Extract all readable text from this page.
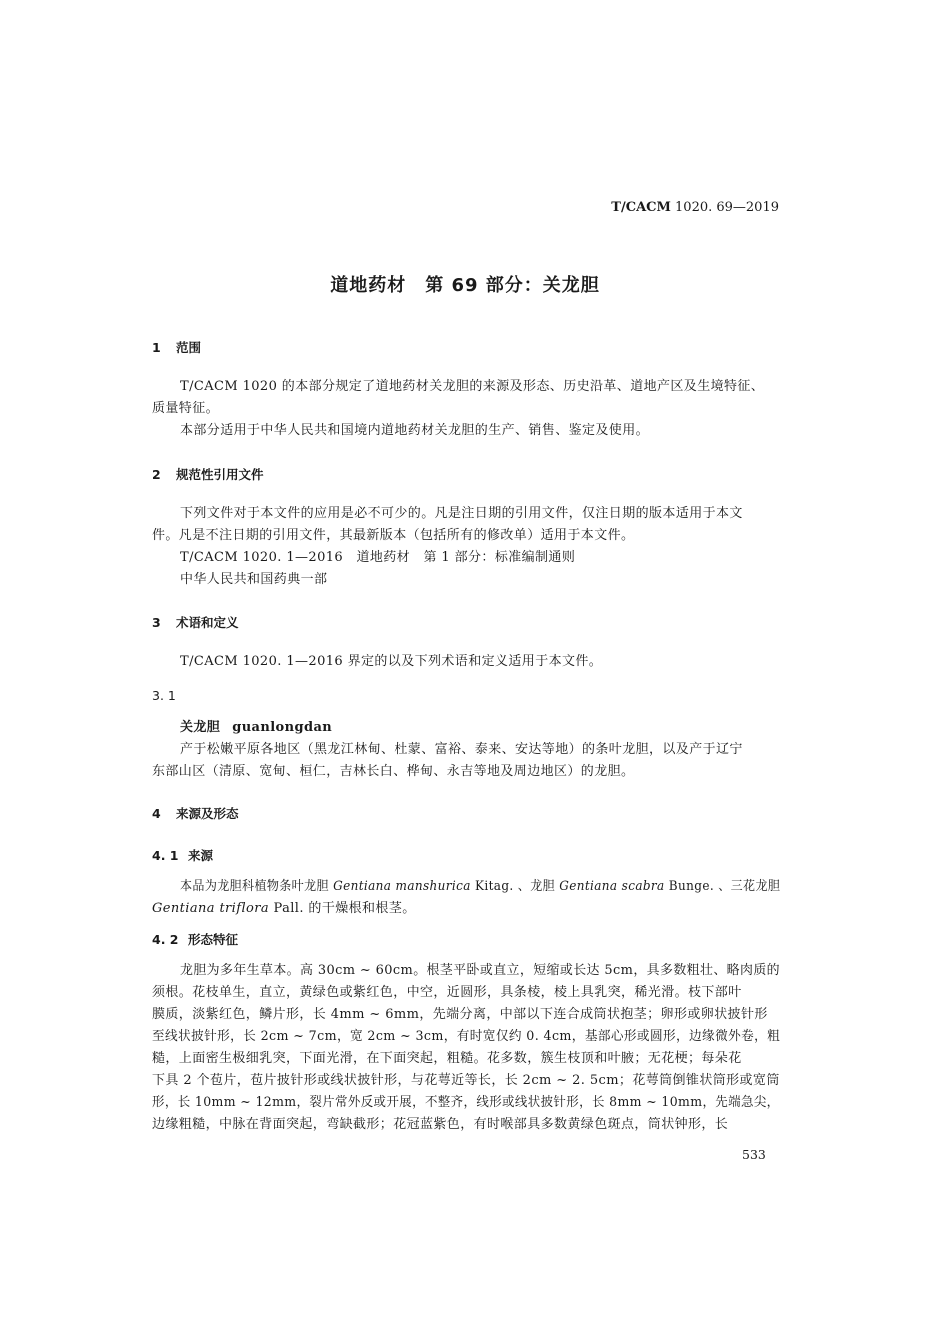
T/CACM 1020. 69—2019
道地药材　第 69 部分：关龙胆
1 范围
T/CACM 1020 的本部分规定了道地药材关龙胆的来源及形态、历史沿革、道地产区及生境特征、
质量特征。
本部分适用于中华人民共和国境内道地药材关龙胆的生产、销售、鉴定及使用。
2 规范性引用文件
下列文件对于本文件的应用是必不可少的。凡是注日期的引用文件，仅注日期的版本适用于本文
件。凡是不注日期的引用文件，其最新版本（包括所有的修改单）适用于本文件。
T/CACM 1020. 1—2016　道地药材　第 1 部分：标准编制通则
中华人民共和国药典一部
3 术语和定义
T/CACM 1020. 1—2016 界定的以及下列术语和定义适用于本文件。
3. 1
关龙胆 guanlongdan
产于松嫩平原各地区（黑龙江林甸、杜蒙、富裕、泰来、安达等地）的条叶龙胆，以及产于辽宁
东部山区（清原、宽甸、桓仁，吉林长白、桦甸、永吉等地及周边地区）的龙胆。
4 来源及形态
4. 1 来源
本品为龙胆科植物条叶龙胆 Gentiana manshurica Kitag. 、龙胆 Gentiana scabra Bunge. 、三花龙胆
Gentiana triflora Pall. 的干燥根和根茎。
4. 2 形态特征
龙胆为多年生草本。高 30cm ~ 60cm。根茎平卧或直立，短缩或长达 5cm，具多数粗壮、略肉质的
须根。花枝单生，直立，黄绿色或紫红色，中空，近圆形，具条棱，棱上具乳突，稀光滑。枝下部叶
膜质，淡紫红色，鳞片形，长 4mm ~ 6mm，先端分离，中部以下连合成筒状抱茎；卵形或卵状披针形
至线状披针形，长 2cm ~ 7cm，宽 2cm ~ 3cm，有时宽仅约 0. 4cm，基部心形或圆形，边缘微外卷，粗
糙，上面密生极细乳突，下面光滑，在下面突起，粗糙。花多数，簇生枝顶和叶腋；无花梗；每朵花
下具 2 个苞片，苞片披针形或线状披针形，与花萼近等长，长 2cm ~ 2. 5cm；花萼筒倒锥状筒形或宽筒
形，长 10mm ~ 12mm，裂片常外反或开展，不整齐，线形或线状披针形，长 8mm ~ 10mm，先端急尖，
边缘粗糙，中脉在背面突起，弯缺截形；花冠蓝紫色，有时喉部具多数黄绿色斑点，筒状钟形，长
533
